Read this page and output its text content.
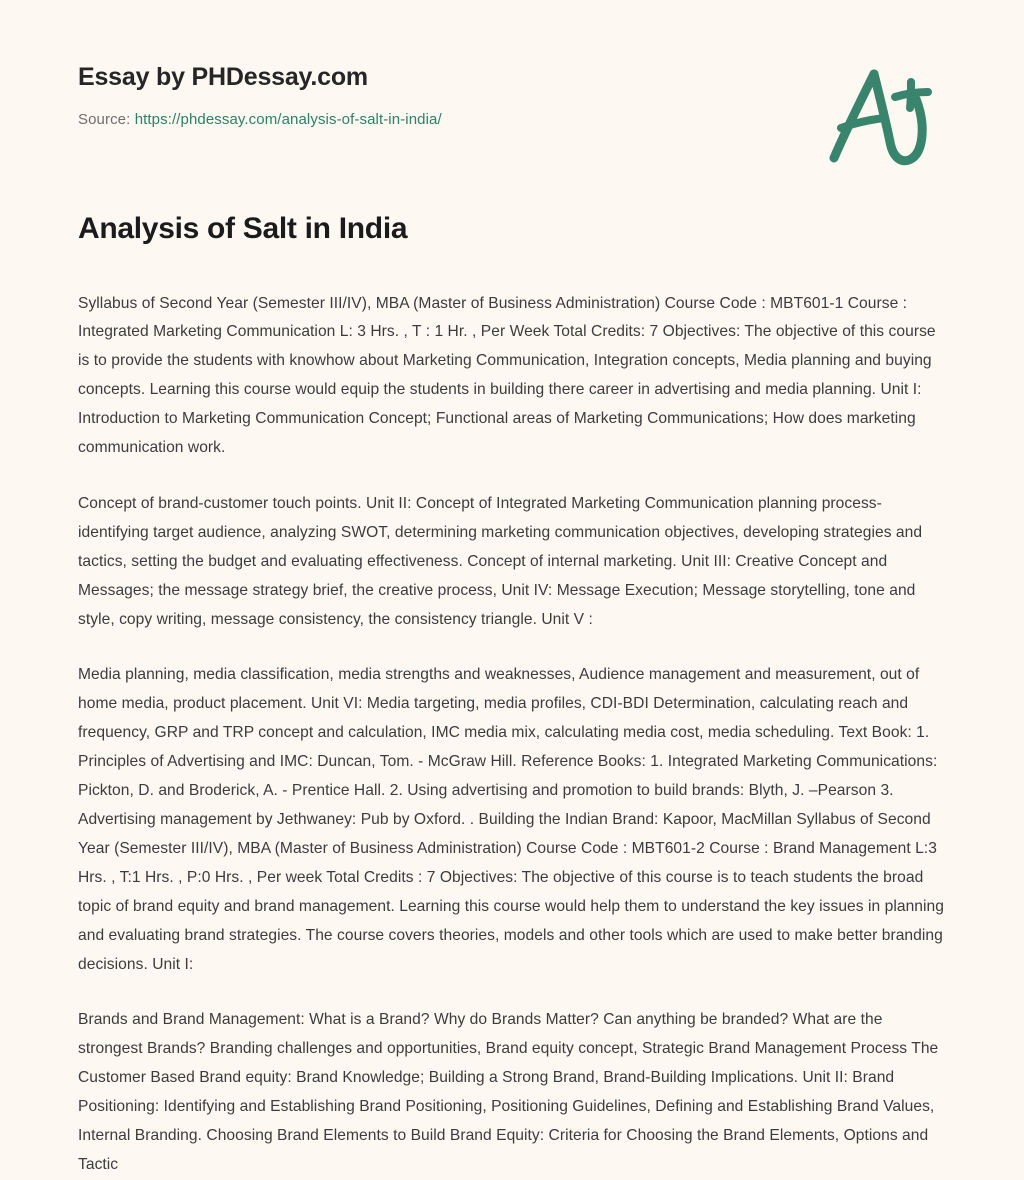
Essay by PHDessay.com
Source: https://phdessay.com/analysis-of-salt-in-india/
Analysis of Salt in India

Syllabus of Second Year (Semester III/IV), MBA (Master of Business Administration) Course Code : MBT601-1 Course : Integrated Marketing Communication L: 3 Hrs. , T : 1 Hr. , Per Week Total Credits: 7 Objectives: The objective of this course is to provide the students with knowhow about Marketing Communication, Integration concepts, Media planning and buying concepts. Learning this course would equip the students in building there career in advertising and media planning. Unit I: Introduction to Marketing Communication Concept; Functional areas of Marketing Communications; How does marketing communication work.

Concept of brand-customer touch points. Unit II: Concept of Integrated Marketing Communication planning process-identifying target audience, analyzing SWOT, determining marketing communication objectives, developing strategies and tactics, setting the budget and evaluating effectiveness. Concept of internal marketing. Unit III: Creative Concept and Messages; the message strategy brief, the creative process, Unit IV: Message Execution; Message storytelling, tone and style, copy writing, message consistency, the consistency triangle. Unit V :

Media planning, media classification, media strengths and weaknesses, Audience management and measurement, out of home media, product placement. Unit VI: Media targeting, media profiles, CDI-BDI Determination, calculating reach and frequency, GRP and TRP concept and calculation, IMC media mix, calculating media cost, media scheduling. Text Book: 1. Principles of Advertising and IMC: Duncan, Tom. - McGraw Hill. Reference Books: 1. Integrated Marketing Communications: Pickton, D. and Broderick, A. - Prentice Hall. 2. Using advertising and promotion to build brands: Blyth, J. –Pearson 3. Advertising management by Jethwaney: Pub by Oxford. . Building the Indian Brand: Kapoor, MacMillan Syllabus of Second Year (Semester III/IV), MBA (Master of Business Administration) Course Code : MBT601-2 Course : Brand Management L:3 Hrs. , T:1 Hrs. , P:0 Hrs. , Per week Total Credits : 7 Objectives: The objective of this course is to teach students the broad topic of brand equity and brand management. Learning this course would help them to understand the key issues in planning and evaluating brand strategies. The course covers theories, models and other tools which are used to make better branding decisions. Unit I:

Brands and Brand Management: What is a Brand? Why do Brands Matter? Can anything be branded? What are the strongest Brands? Branding challenges and opportunities, Brand equity concept, Strategic Brand Management Process The Customer Based Brand equity: Brand Knowledge; Building a Strong Brand, Brand-Building Implications. Unit II: Brand Positioning: Identifying and Establishing Brand Positioning, Positioning Guidelines, Defining and Establishing Brand Values, Internal Branding. Choosing Brand Elements to Build Brand Equity: Criteria for Choosing the Brand Elements, Options and Tactic
